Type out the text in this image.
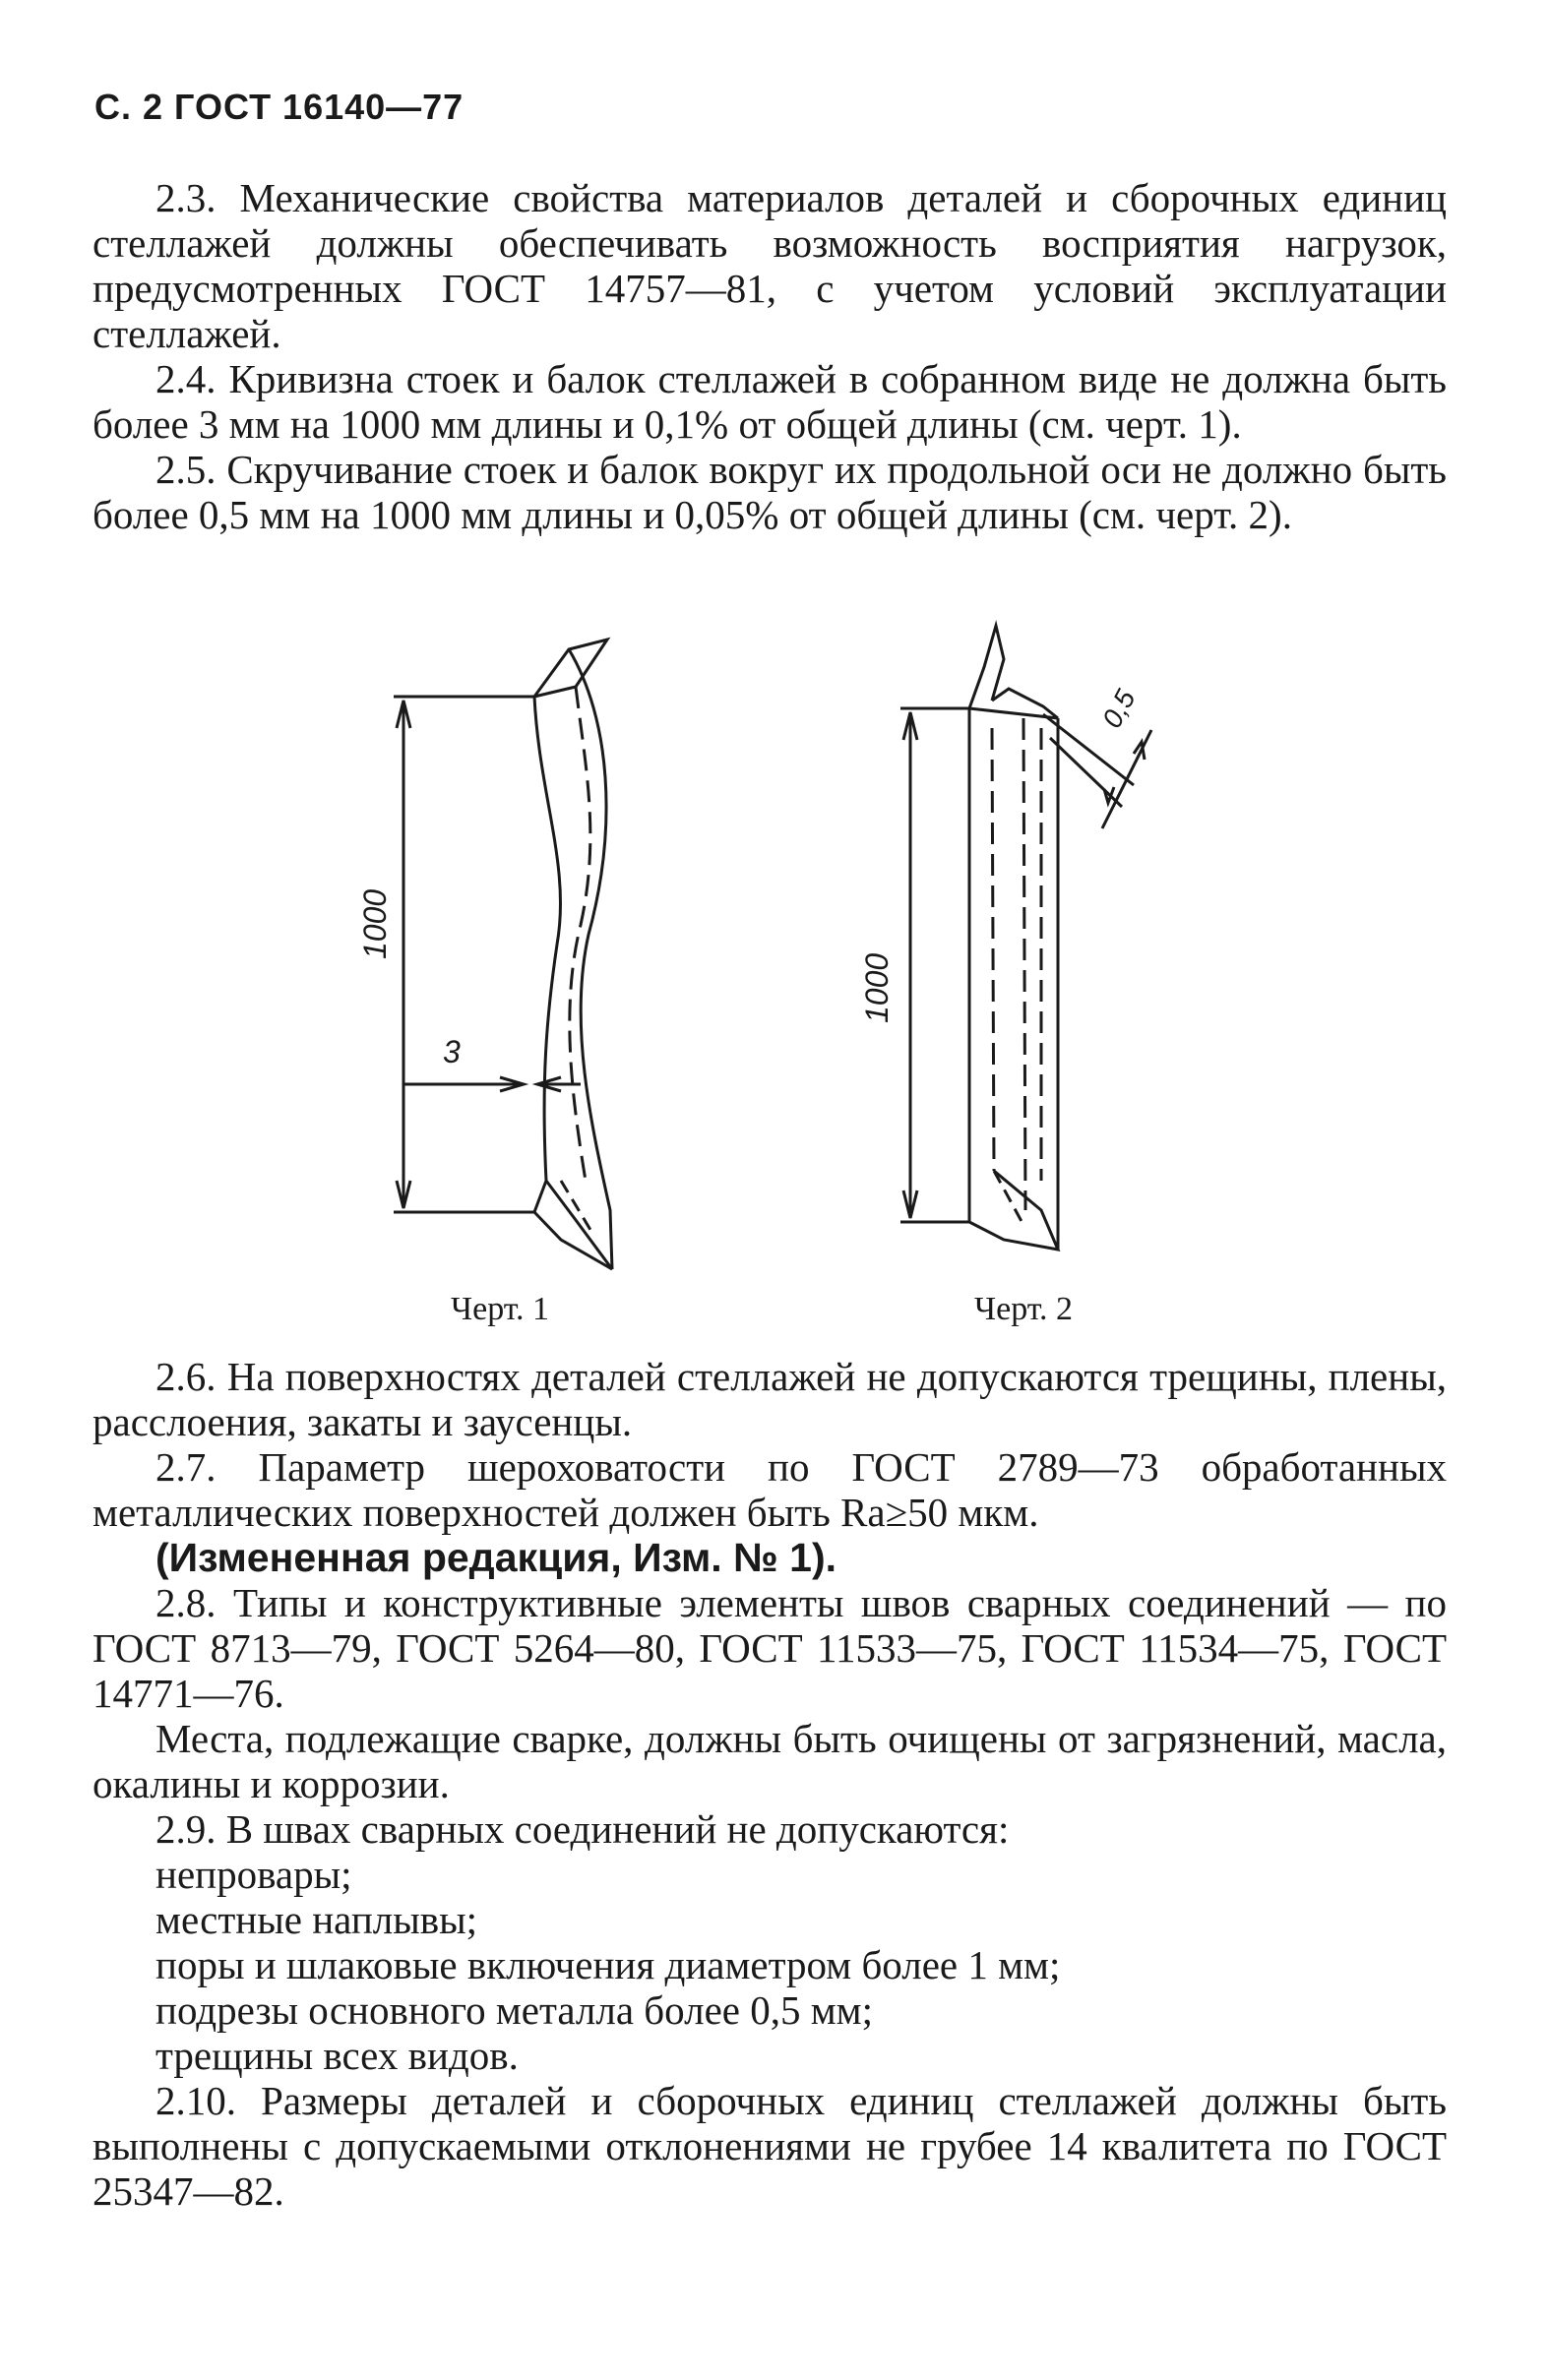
С. 2 ГОСТ 16140—77

2.3. Механические свойства материалов деталей и сборочных единиц стеллажей должны обеспечивать возможность восприятия нагрузок, предусмотренных ГОСТ 14757—81, с учетом условий эксплуатации стеллажей.

2.4. Кривизна стоек и балок стеллажей в собранном виде не должна быть более 3 мм на 1000 мм длины и 0,1% от общей длины (см. черт. 1).

2.5. Скручивание стоек и балок вокруг их продольной оси не должно быть более 0,5 мм на 1000 мм длины и 0,05% от общей длины (см. черт. 2).

1000
3
Черт. 1
1000
0,5
Черт. 2

2.6. На поверхностях деталей стеллажей не допускаются трещины, плены, расслоения, закаты и заусенцы.

2.7. Параметр шероховатости по ГОСТ 2789—73 обработанных металлических поверхностей должен быть Ra≥50 мкм.

(Измененная редакция, Изм. № 1).

2.8. Типы и конструктивные элементы швов сварных соединений — по ГОСТ 8713—79, ГОСТ 5264—80, ГОСТ 11533—75, ГОСТ 11534—75, ГОСТ 14771—76.

Места, подлежащие сварке, должны быть очищены от загрязнений, масла, окалины и коррозии.

2.9. В швах сварных соединений не допускаются:

непровары;

местные наплывы;

поры и шлаковые включения диаметром более 1 мм;

подрезы основного металла более 0,5 мм;

трещины всех видов.

2.10. Размеры деталей и сборочных единиц стеллажей должны быть выполнены с допускаемыми отклонениями не грубее 14 квалитета по ГОСТ 25347—82.
